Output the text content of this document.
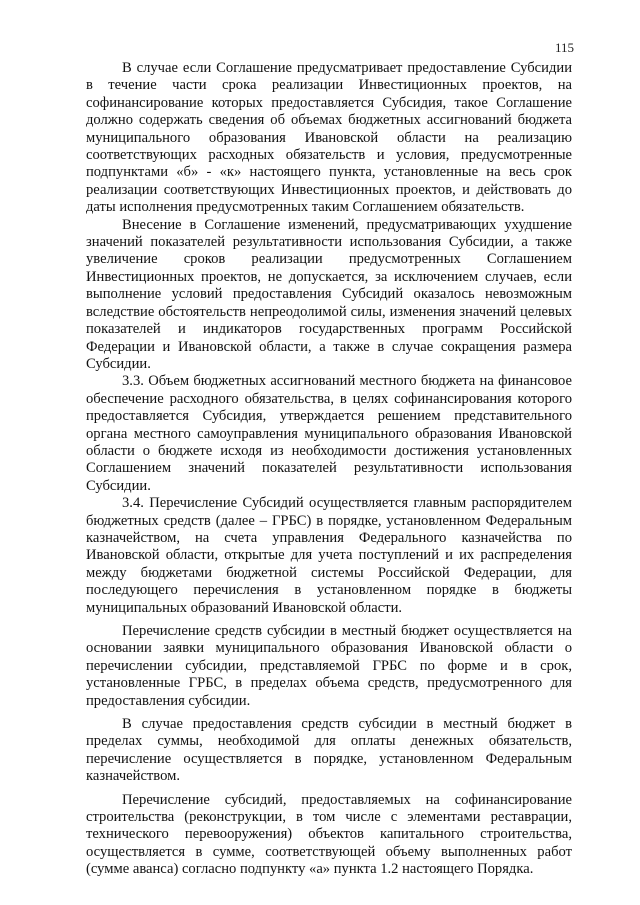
115

В случае если Соглашение предусматривает предоставление Субсидии в течение части срока реализации Инвестиционных проектов, на софинансирование которых предоставляется Субсидия, такое Соглашение должно содержать сведения об объемах бюджетных ассигнований бюджета муниципального образования Ивановской области на реализацию соответствующих расходных обязательств и условия, предусмотренные подпунктами «б» - «к» настоящего пункта, установленные на весь срок реализации соответствующих Инвестиционных проектов, и действовать до даты исполнения предусмотренных таким Соглашением обязательств.

Внесение в Соглашение изменений, предусматривающих ухудшение значений показателей результативности использования Субсидии, а также увеличение сроков реализации предусмотренных Соглашением Инвестиционных проектов, не допускается, за исключением случаев, если выполнение условий предоставления Субсидий оказалось невозможным вследствие обстоятельств непреодолимой силы, изменения значений целевых показателей и индикаторов государственных программ Российской Федерации и Ивановской области, а также в случае сокращения размера Субсидии.

3.3. Объем бюджетных ассигнований местного бюджета на финансовое обеспечение расходного обязательства, в целях софинансирования которого предоставляется Субсидия, утверждается решением представительного органа местного самоуправления муниципального образования Ивановской области о бюджете исходя из необходимости достижения установленных Соглашением значений показателей результативности использования Субсидии.

3.4. Перечисление Субсидий осуществляется главным распорядителем бюджетных средств (далее – ГРБС) в порядке, установленном Федеральным казначейством, на счета управления Федерального казначейства по Ивановской области, открытые для учета поступлений и их распределения между бюджетами бюджетной системы Российской Федерации, для последующего перечисления в установленном порядке в бюджеты муниципальных образований Ивановской области.

Перечисление средств субсидии в местный бюджет осуществляется на основании заявки муниципального образования Ивановской области о перечислении субсидии, представляемой ГРБС по форме и в срок, установленные ГРБС, в пределах объема средств, предусмотренного для предоставления субсидии.

В случае предоставления средств субсидии в местный бюджет в пределах суммы, необходимой для оплаты денежных обязательств, перечисление осуществляется в порядке, установленном Федеральным казначейством.

Перечисление субсидий, предоставляемых на софинансирование строительства (реконструкции, в том числе с элементами реставрации, технического перевооружения) объектов капитального строительства, осуществляется в сумме, соответствующей объему выполненных работ (сумме аванса) согласно подпункту «а» пункта 1.2 настоящего Порядка.
